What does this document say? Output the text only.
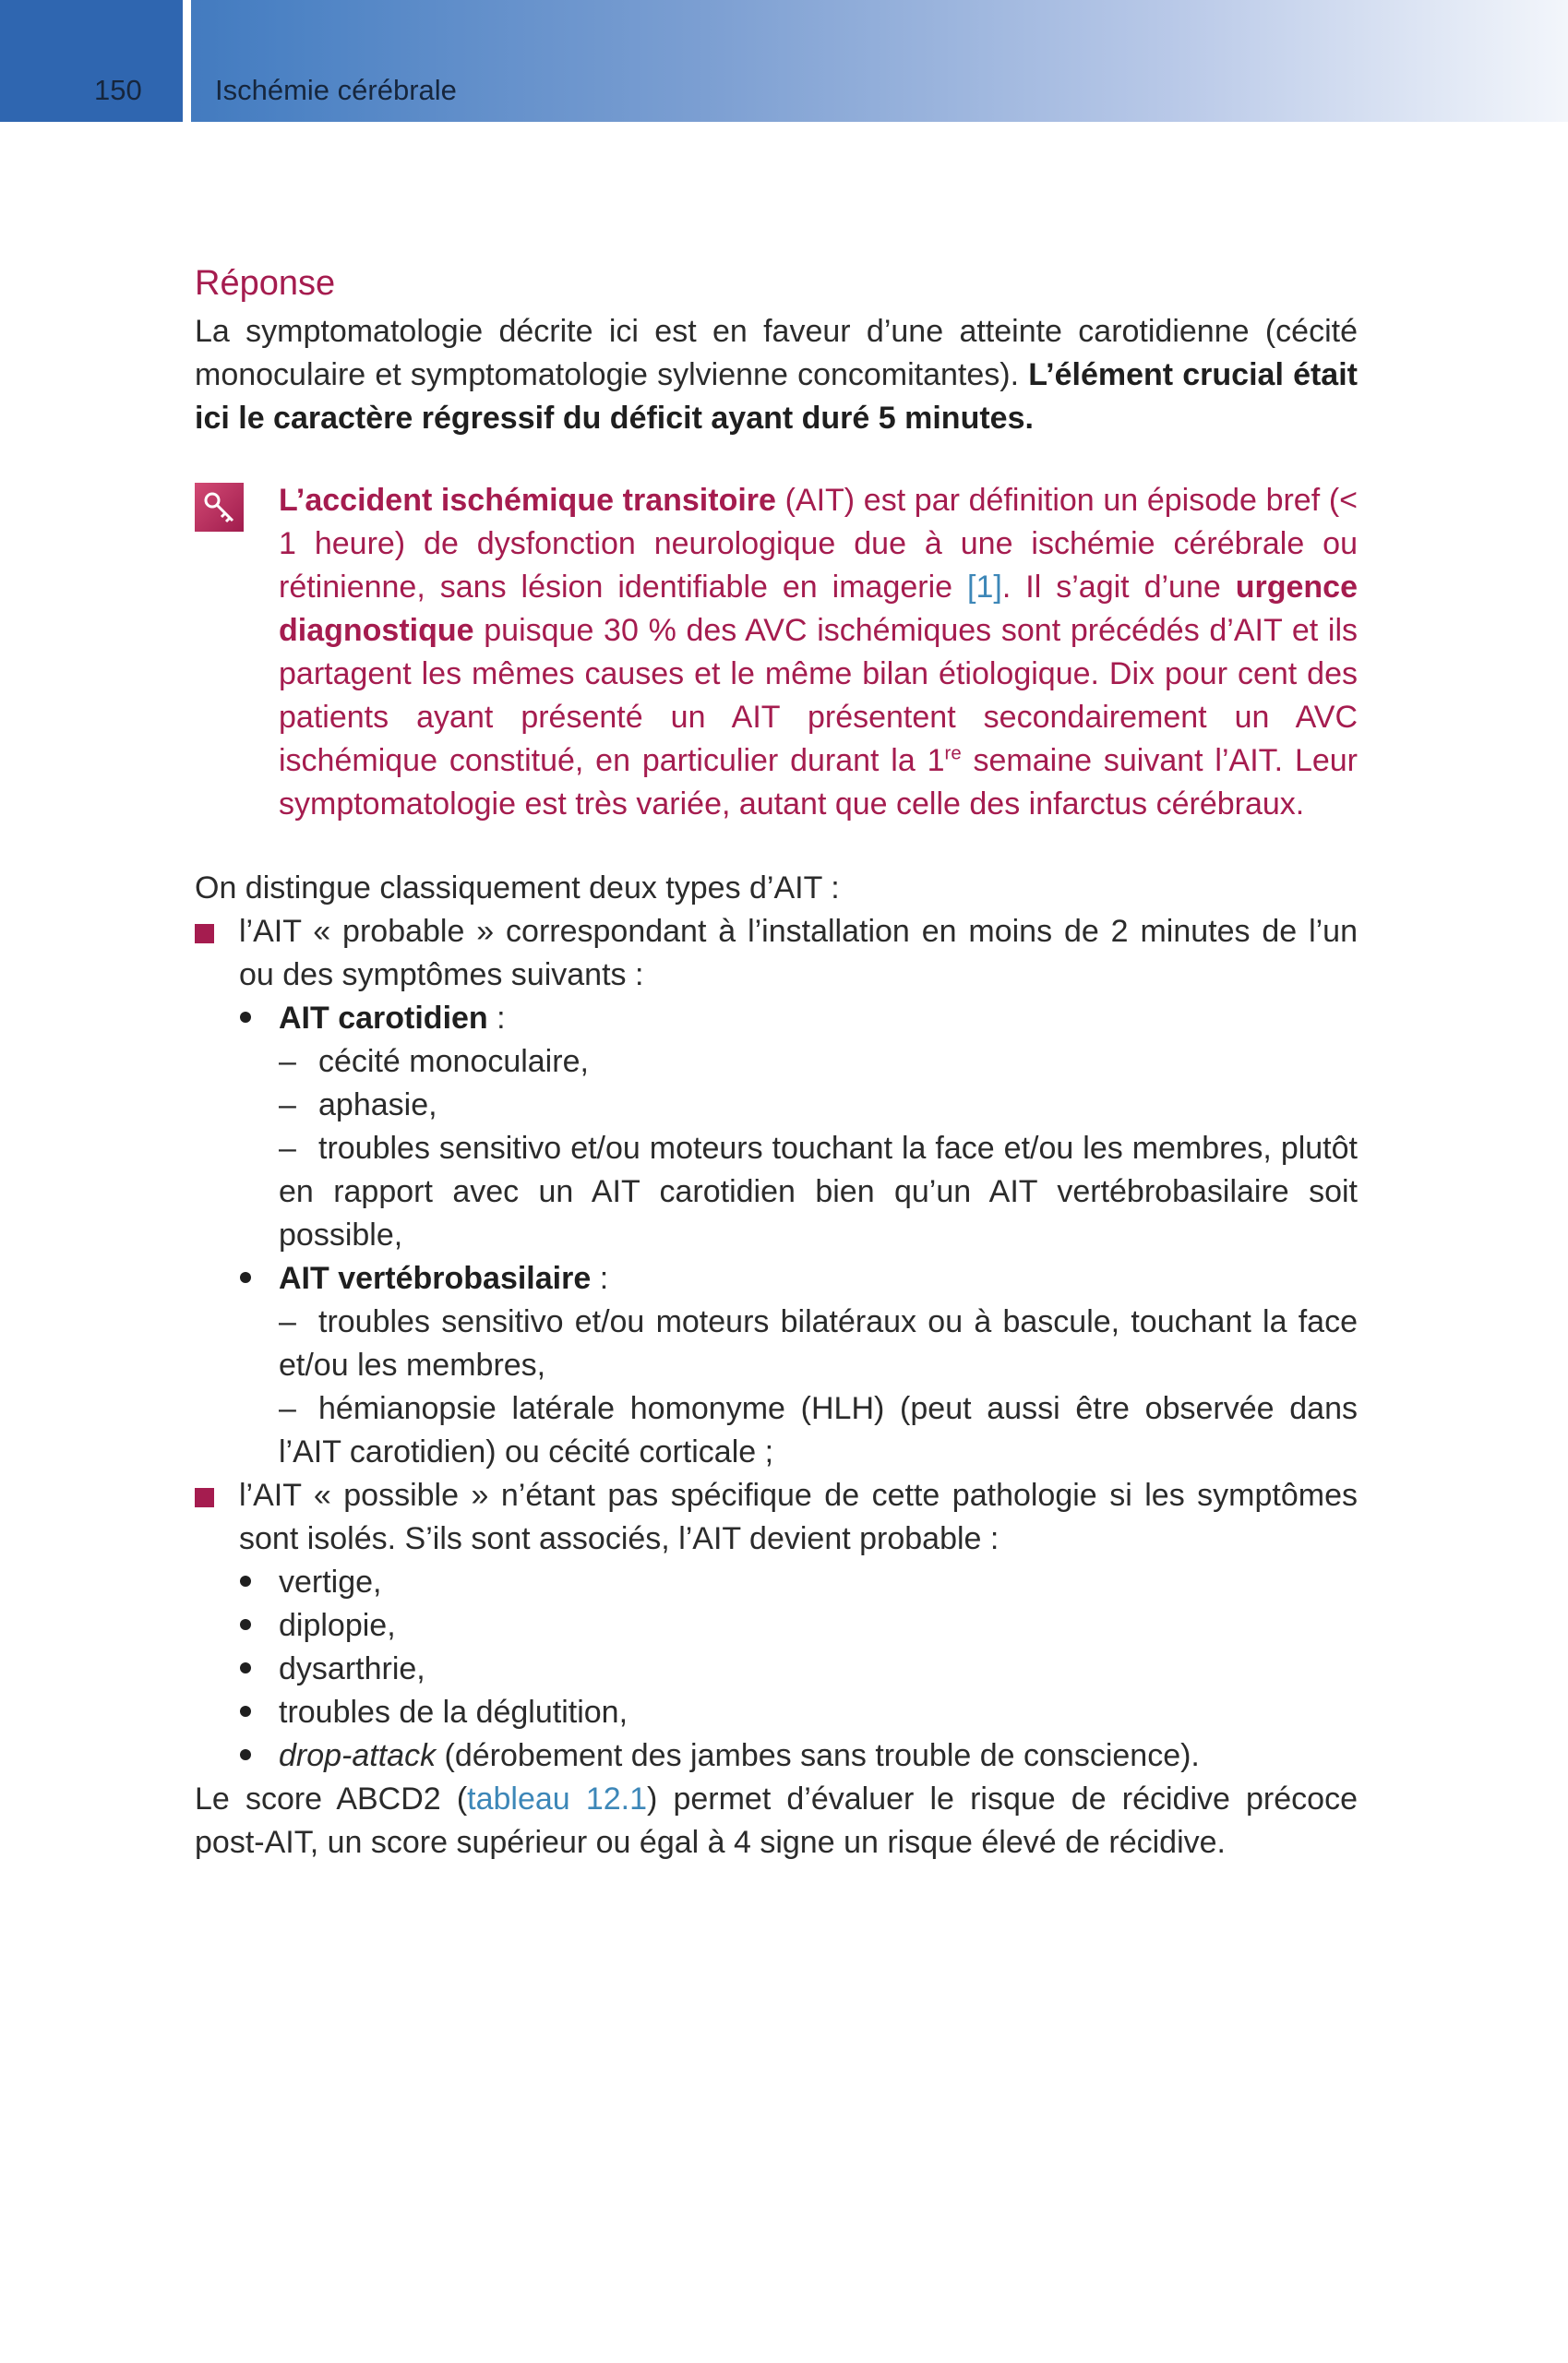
150	Ischémie cérébrale
Réponse

La symptomatologie décrite ici est en faveur d’une atteinte carotidienne (cécité monoculaire et symptomatologie sylvienne concomitantes). L’élément crucial était ici le caractère régressif du déficit ayant duré 5 minutes.

L’accident ischémique transitoire (AIT) est par définition un épisode bref (< 1 heure) de dysfonction neurologique due à une ischémie cérébrale ou rétinienne, sans lésion identifiable en imagerie [1]. Il s’agit d’une urgence diagnostique puisque 30 % des AVC ischémiques sont précédés d’AIT et ils partagent les mêmes causes et le même bilan étiologique. Dix pour cent des patients ayant présenté un AIT présentent secondairement un AVC ischémique constitué, en particulier durant la 1re semaine suivant l’AIT. Leur symptomatologie est très variée, autant que celle des infarctus cérébraux.

On distingue classiquement deux types d’AIT :

l’AIT « probable » correspondant à l’installation en moins de 2 minutes de l’un ou des symptômes suivants :

AIT carotidien :
– cécité monoculaire,
– aphasie,
– troubles sensitivo et/ou moteurs touchant la face et/ou les membres, plutôt en rapport avec un AIT carotidien bien qu’un AIT vertébrobasilaire soit possible,
AIT vertébrobasilaire :
– troubles sensitivo et/ou moteurs bilatéraux ou à bascule, touchant la face et/ou les membres,
– hémianopsie latérale homonyme (HLH) (peut aussi être observée dans l’AIT carotidien) ou cécité corticale ;

l’AIT « possible » n’étant pas spécifique de cette pathologie si les symptômes sont isolés. S’ils sont associés, l’AIT devient probable :

vertige,
diplopie,
dysarthrie,
troubles de la déglutition,
drop-attack (dérobement des jambes sans trouble de conscience).

Le score ABCD2 (tableau 12.1) permet d’évaluer le risque de récidive précoce post-AIT, un score supérieur ou égal à 4 signe un risque élevé de récidive.
